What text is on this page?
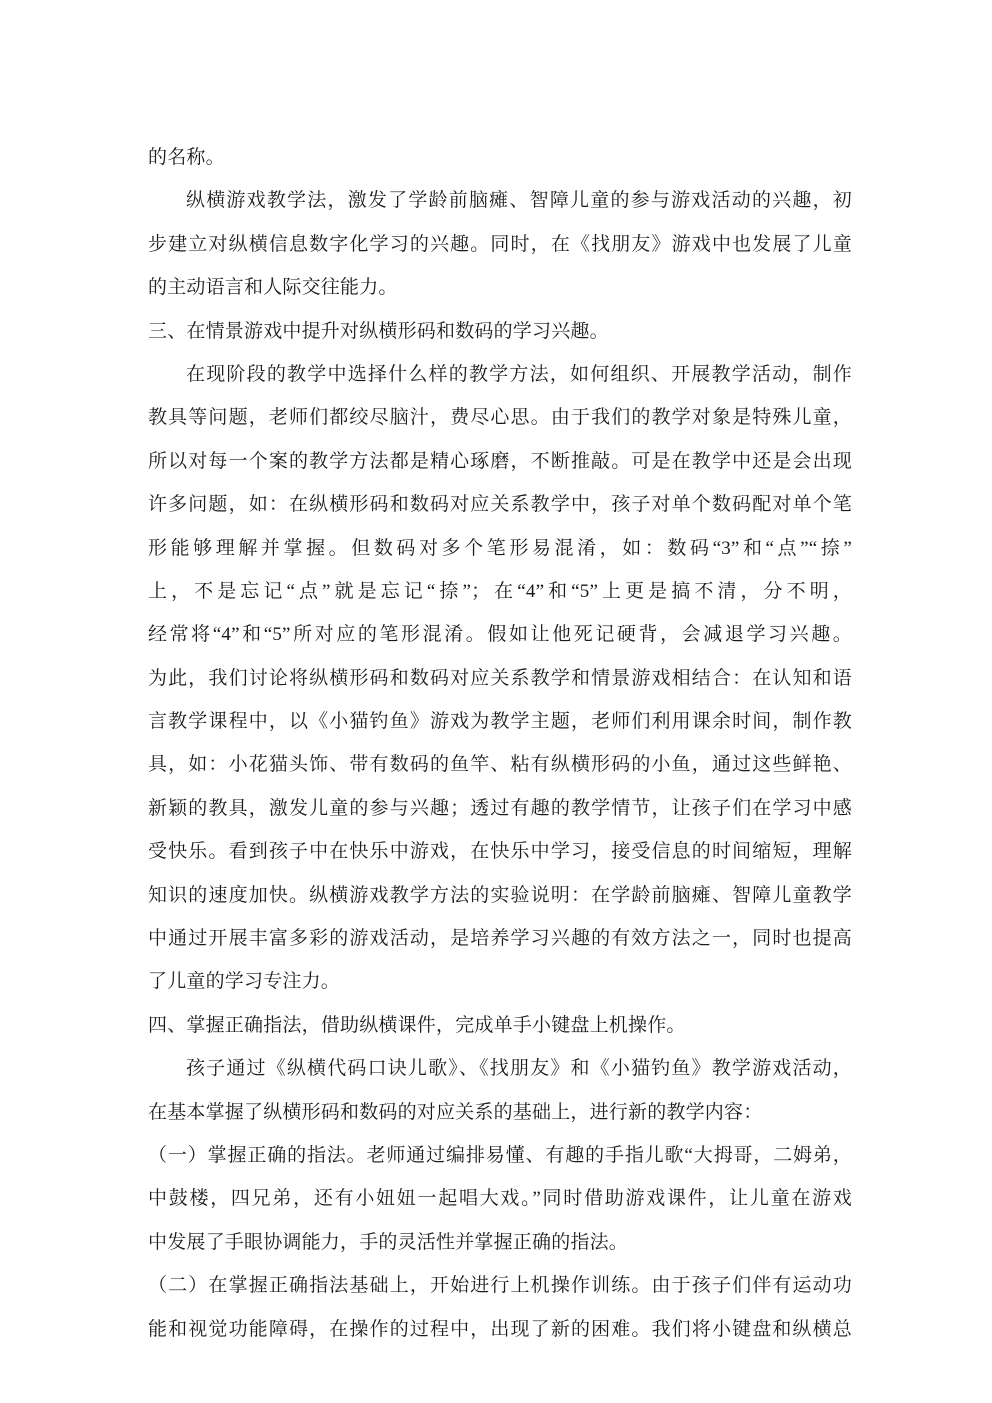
的名称。
纵横游戏教学法，激发了学龄前脑瘫、智障儿童的参与游戏活动的兴趣，初
步建立对纵横信息数字化学习的兴趣。同时，在《找朋友》游戏中也发展了儿童
的主动语言和人际交往能力。
三、在情景游戏中提升对纵横形码和数码的学习兴趣。
在现阶段的教学中选择什么样的教学方法，如何组织、开展教学活动，制作
教具等问题，老师们都绞尽脑汁，费尽心思。由于我们的教学对象是特殊儿童，
所以对每一个案的教学方法都是精心琢磨，不断推敲。可是在教学中还是会出现
许多问题，如：在纵横形码和数码对应关系教学中，孩子对单个数码配对单个笔
形能够理解并掌握。但数码对多个笔形易混淆，如：数码“3”和“点”“捺”
上，不是忘记“点”就是忘记“捺”；在“4”和“5”上更是搞不清，分不明，
经常将“4”和“5”所对应的笔形混淆。假如让他死记硬背，会减退学习兴趣。
为此，我们讨论将纵横形码和数码对应关系教学和情景游戏相结合：在认知和语
言教学课程中，以《小猫钓鱼》游戏为教学主题，老师们利用课余时间，制作教
具，如：小花猫头饰、带有数码的鱼竿、粘有纵横形码的小鱼，通过这些鲜艳、
新颖的教具，激发儿童的参与兴趣；透过有趣的教学情节，让孩子们在学习中感
受快乐。看到孩子中在快乐中游戏，在快乐中学习，接受信息的时间缩短，理解
知识的速度加快。纵横游戏教学方法的实验说明：在学龄前脑瘫、智障儿童教学
中通过开展丰富多彩的游戏活动，是培养学习兴趣的有效方法之一，同时也提高
了儿童的学习专注力。
四、掌握正确指法，借助纵横课件，完成单手小键盘上机操作。
孩子通过《纵横代码口诀儿歌》、《找朋友》和《小猫钓鱼》教学游戏活动，
在基本掌握了纵横形码和数码的对应关系的基础上，进行新的教学内容：
（一）掌握正确的指法。老师通过编排易懂、有趣的手指儿歌“大拇哥，二姆弟，
中鼓楼，四兄弟，还有小妞妞一起唱大戏。”同时借助游戏课件，让儿童在游戏
中发展了手眼协调能力，手的灵活性并掌握正确的指法。
（二）在掌握正确指法基础上，开始进行上机操作训练。由于孩子们伴有运动功
能和视觉功能障碍，在操作的过程中，出现了新的困难。我们将小键盘和纵横总
